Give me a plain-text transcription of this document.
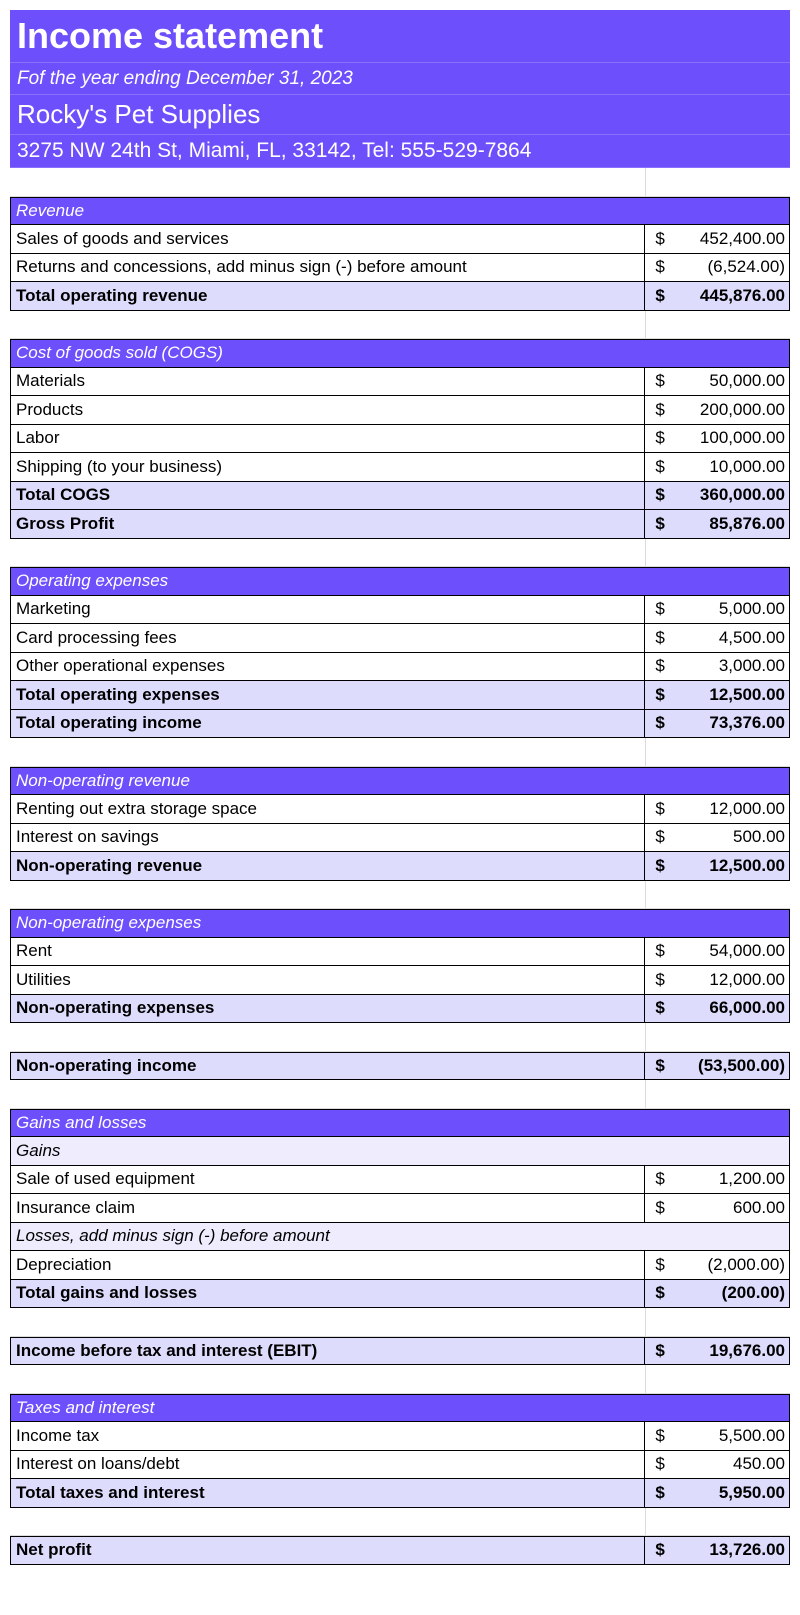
Income statement
Fof the year ending December 31, 2023
Rocky's Pet Supplies
3275 NW 24th St, Miami, FL, 33142, Tel: 555-529-7864
Revenue
Sales of goods and services	$	452,400.00
Returns and concessions, add minus sign (-) before amount	$	(6,524.00)
Total operating revenue	$	445,876.00
Cost of goods sold (COGS)
Materials	$	50,000.00
Products	$	200,000.00
Labor	$	100,000.00
Shipping (to your business)	$	10,000.00
Total COGS	$	360,000.00
Gross Profit	$	85,876.00
Operating expenses
Marketing	$	5,000.00
Card processing fees	$	4,500.00
Other operational expenses	$	3,000.00
Total operating expenses	$	12,500.00
Total operating income	$	73,376.00
Non-operating revenue
Renting out extra storage space	$	12,000.00
Interest on savings	$	500.00
Non-operating revenue	$	12,500.00
Non-operating expenses
Rent	$	54,000.00
Utilities	$	12,000.00
Non-operating expenses	$	66,000.00
Non-operating income	$	(53,500.00)
Gains and losses
Gains
Sale of used equipment	$	1,200.00
Insurance claim	$	600.00
Losses, add minus sign (-) before amount
Depreciation	$	(2,000.00)
Total gains and losses	$	(200.00)
Income before tax and interest (EBIT)	$	19,676.00
Taxes and interest
Income tax	$	5,500.00
Interest on loans/debt	$	450.00
Total taxes and interest	$	5,950.00
Net profit	$	13,726.00
